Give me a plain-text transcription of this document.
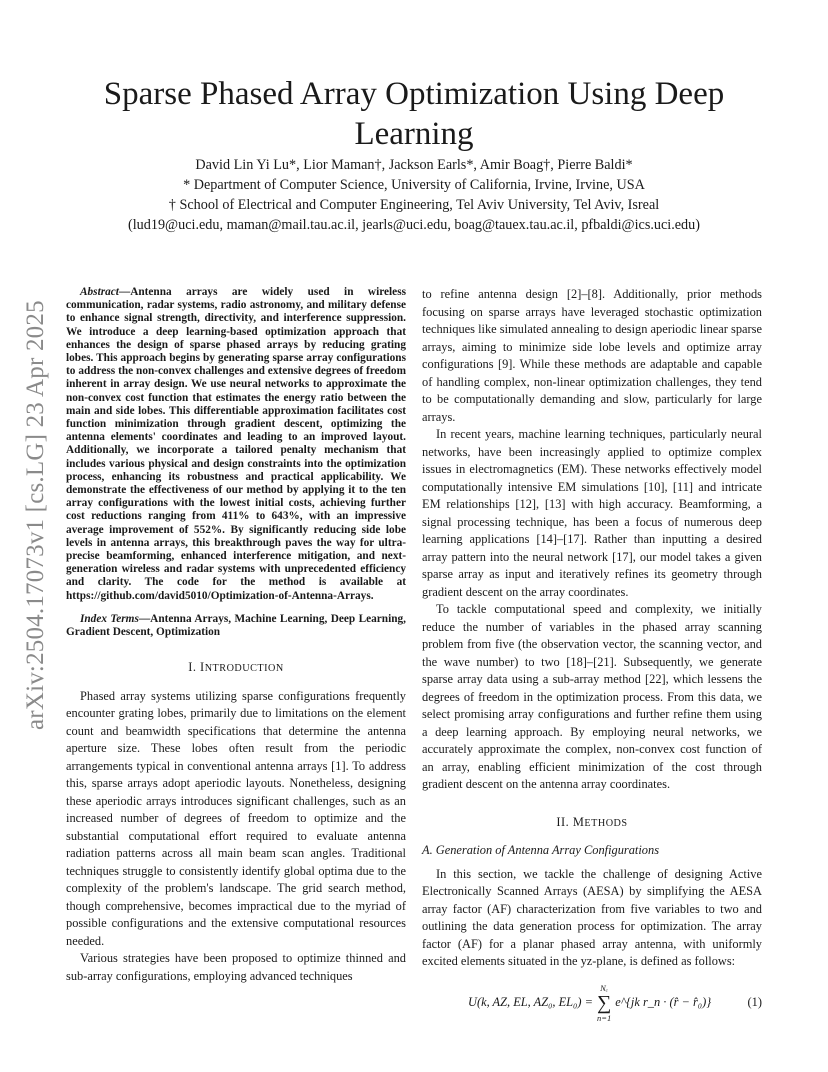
arXiv:2504.17073v1 [cs.LG] 23 Apr 2025
Sparse Phased Array Optimization Using Deep Learning
David Lin Yi Lu*, Lior Maman†, Jackson Earls*, Amir Boag†, Pierre Baldi*
* Department of Computer Science, University of California, Irvine, Irvine, USA
† School of Electrical and Computer Engineering, Tel Aviv University, Tel Aviv, Isreal
(lud19@uci.edu, maman@mail.tau.ac.il, jearls@uci.edu, boag@tauex.tau.ac.il, pfbaldi@ics.uci.edu)

Abstract—Antenna arrays are widely used in wireless communication, radar systems, radio astronomy, and military defense to enhance signal strength, directivity, and interference suppression. We introduce a deep learning-based optimization approach that enhances the design of sparse phased arrays by reducing grating lobes. This approach begins by generating sparse array configurations to address the non-convex challenges and extensive degrees of freedom inherent in array design. We use neural networks to approximate the non-convex cost function that estimates the energy ratio between the main and side lobes. This differentiable approximation facilitates cost function minimization through gradient descent, optimizing the antenna elements' coordinates and leading to an improved layout. Additionally, we incorporate a tailored penalty mechanism that includes various physical and design constraints into the optimization process, enhancing its robustness and practical applicability. We demonstrate the effectiveness of our method by applying it to the ten array configurations with the lowest initial costs, achieving further cost reductions ranging from 411% to 643%, with an impressive average improvement of 552%. By significantly reducing side lobe levels in antenna arrays, this breakthrough paves the way for ultra-precise beamforming, enhanced interference mitigation, and next-generation wireless and radar systems with unprecedented efficiency and clarity. The code for the method is available at https://github.com/david5010/Optimization-of-Antenna-Arrays.

Index Terms—Antenna Arrays, Machine Learning, Deep Learning, Gradient Descent, Optimization

I. INTRODUCTION

Phased array systems utilizing sparse configurations frequently encounter grating lobes, primarily due to limitations on the element count and beamwidth specifications that determine the antenna aperture size. These lobes often result from the periodic arrangements typical in conventional antenna arrays [1]. To address this, sparse arrays adopt aperiodic layouts. Nonetheless, designing these aperiodic arrays introduces significant challenges, such as an increased number of degrees of freedom to optimize and the substantial computational effort required to evaluate antenna radiation patterns across all main beam scan angles. Traditional techniques struggle to consistently identify global optima due to the complexity of the problem's landscape. The grid search method, though comprehensive, becomes impractical due to the myriad of possible configurations and the extensive computational resources needed.

Various strategies have been proposed to optimize thinned and sub-array configurations, employing advanced techniques

to refine antenna design [2]–[8]. Additionally, prior methods focusing on sparse arrays have leveraged stochastic optimization techniques like simulated annealing to design aperiodic linear sparse arrays, aiming to minimize side lobe levels and optimize array configurations [9]. While these methods are adaptable and capable of handling complex, non-linear optimization challenges, they tend to be computationally demanding and slow, particularly for large arrays.

In recent years, machine learning techniques, particularly neural networks, have been increasingly applied to optimize complex issues in electromagnetics (EM). These networks effectively model computationally intensive EM simulations [10], [11] and intricate EM relationships [12], [13] with high accuracy. Beamforming, a signal processing technique, has been a focus of numerous deep learning applications [14]–[17]. Rather than inputting a desired array pattern into the neural network [17], our model takes a given sparse array as input and iteratively refines its geometry through gradient descent on the array coordinates.

To tackle computational speed and complexity, we initially reduce the number of variables in the phased array scanning problem from five (the observation vector, the scanning vector, and the wave number) to two [18]–[21]. Subsequently, we generate sparse array data using a sub-array method [22], which lessens the degrees of freedom in the optimization process. From this data, we select promising array configurations and further refine them using a deep learning approach. By employing neural networks, we accurately approximate the complex, non-convex cost function of an array, enabling efficient minimization of the cost through gradient descent on the antenna array coordinates.

II. METHODS
A. Generation of Antenna Array Configurations

In this section, we tackle the challenge of designing Active Electronically Scanned Arrays (AESA) by simplifying the AESA array factor (AF) characterization from five variables to two and outlining the data generation process for optimization. The array factor (AF) for a planar phased array antenna, with uniformly excited elements situated in the yz-plane, is defined as follows:

U(k, AZ, EL, AZ₀, EL₀) =
Nₑ
∑
n=1
e^{jk r_n · (r̂ − r̂₀)}	(1)
